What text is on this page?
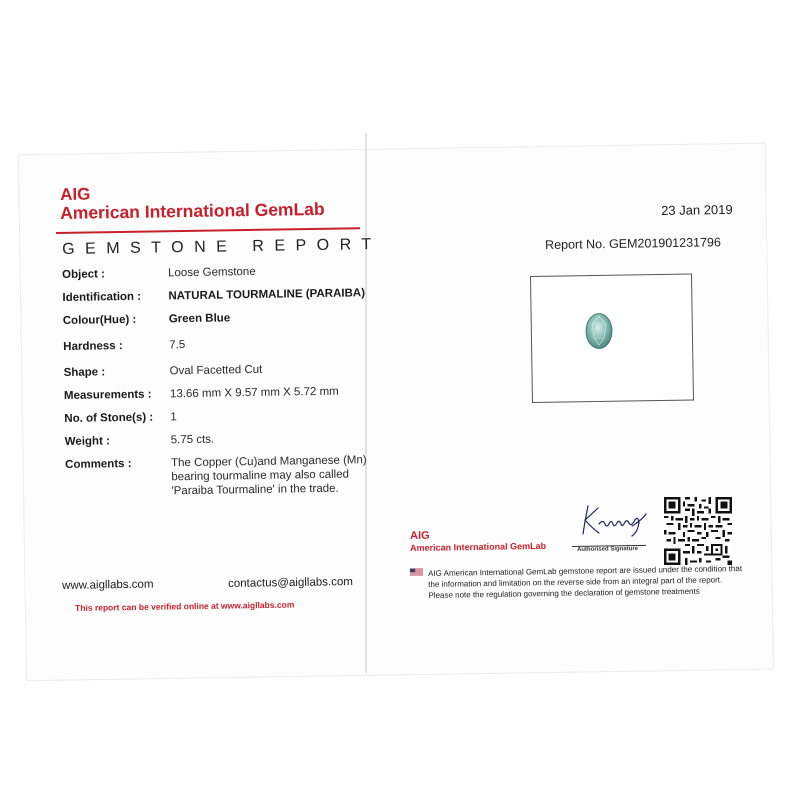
AIG
American International GemLab
GEMSTONE REPORT
Object :	Loose Gemstone
Identification :	NATURAL TOURMALINE (PARAIBA)
Colour(Hue) :	Green Blue
Hardness :	7.5
Shape :	Oval Facetted Cut
Measurements :	13.66 mm X 9.57 mm X 5.72 mm
No. of Stone(s) :	1
Weight :	5.75 cts.
Comments :	The Copper (Cu)and Manganese (Mn)
bearing tourmaline may also called
'Paraiba Tourmaline' in the trade.
www.aigllabs.com	contactus@aigllabs.com
This report can be verified online at www.aigllabs.com
23 Jan 2019
Report No. GEM201901231796
AIG
American International GemLab	Authorised Signature
AIG American International GemLab gemstone report are issued under the condition that the information and limitation on the reverse side from an integral part of the report. Please note the regulation governing the declaration of gemstone treatments
